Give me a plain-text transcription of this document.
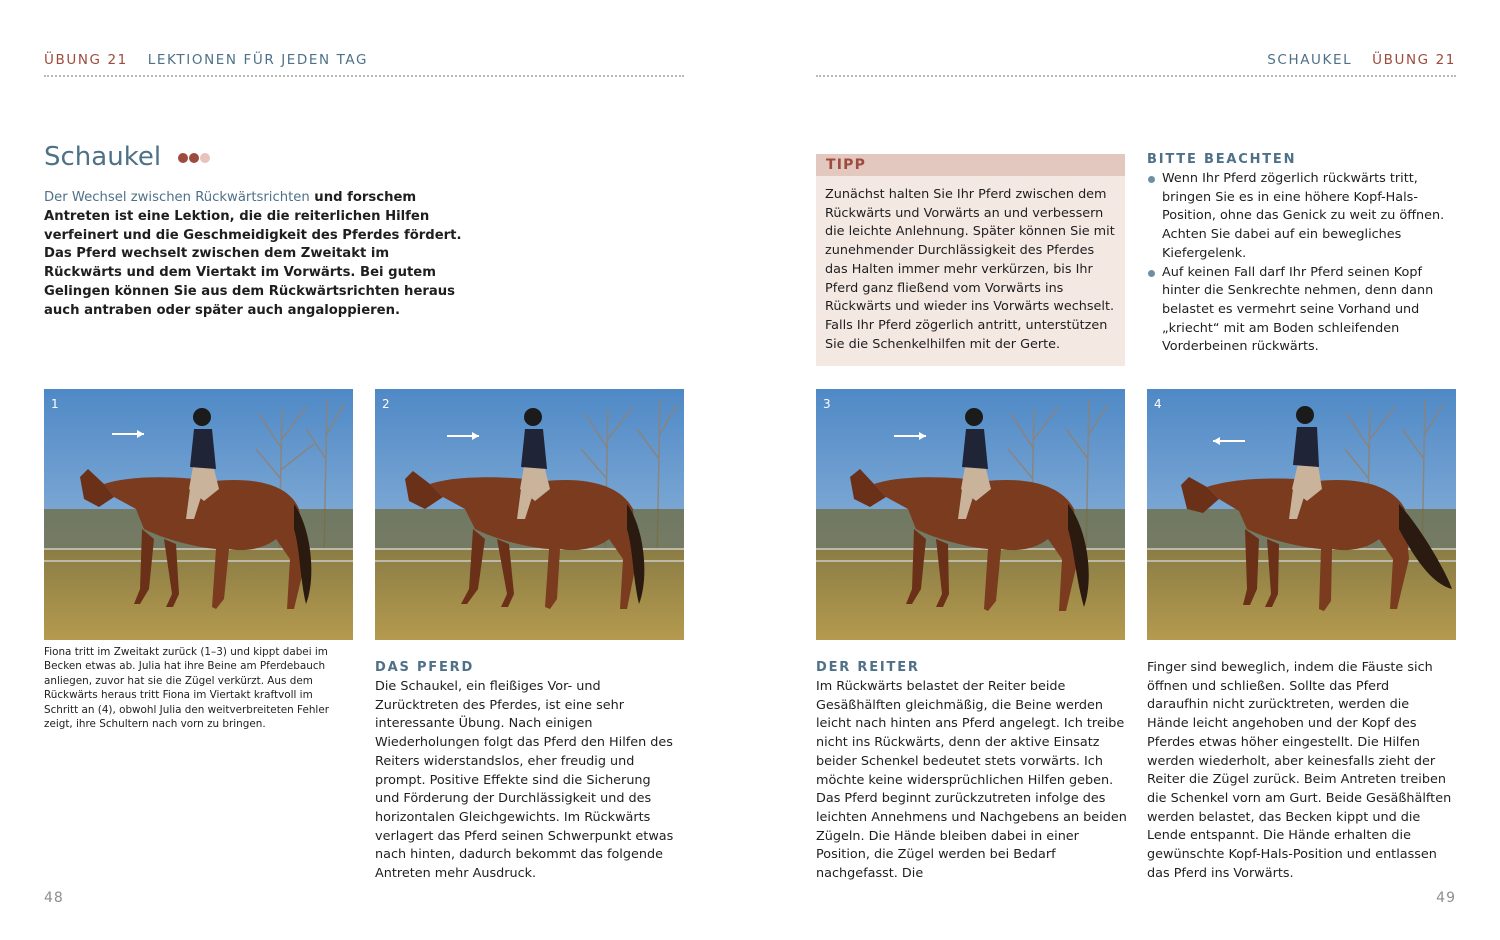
ÜBUNG 21 LEKTIONEN FÜR JEDEN TAG	SCHAUKEL ÜBUNG 21
Schaukel
Der Wechsel zwischen Rückwärtsrichten und forschem Antreten ist eine Lektion, die die reiterlichen Hilfen verfeinert und die Geschmeidigkeit des Pferdes fördert. Das Pferd wechselt zwischen dem Zweitakt im Rückwärts und dem Viertakt im Vorwärts. Bei gutem Gelingen können Sie aus dem Rückwärtsrichten heraus auch antraben oder später auch angaloppieren.
TIPP
Zunächst halten Sie Ihr Pferd zwischen dem Rückwärts und Vorwärts an und verbessern die leichte Anlehnung. Später können Sie mit zunehmender Durchlässigkeit des Pferdes das Halten immer mehr verkürzen, bis Ihr Pferd ganz fließend vom Vorwärts ins Rückwärts und wieder ins Vorwärts wechselt. Falls Ihr Pferd zögerlich antritt, unterstützen Sie die Schenkelhilfen mit der Gerte.
BITTE BEACHTEN
Wenn Ihr Pferd zögerlich rückwärts tritt, bringen Sie es in eine höhere Kopf-Hals-Position, ohne das Genick zu weit zu öffnen. Achten Sie dabei auf ein bewegliches Kiefergelenk.
Auf keinen Fall darf Ihr Pferd seinen Kopf hinter die Senkrechte nehmen, denn dann belastet es vermehrt seine Vorhand und „kriecht“ mit am Boden schleifenden Vorderbeinen rückwärts.
1	2	3	4
Fiona tritt im Zweitakt zurück (1–3) und kippt dabei im Becken etwas ab. Julia hat ihre Beine am Pferdebauch anliegen, zuvor hat sie die Zügel verkürzt. Aus dem Rückwärts heraus tritt Fiona im Viertakt kraftvoll im Schritt an (4), obwohl Julia den weitverbreiteten Fehler zeigt, ihre Schultern nach vorn zu bringen.
DAS PFERD
Die Schaukel, ein fleißiges Vor- und Zurücktreten des Pferdes, ist eine sehr interessante Übung. Nach einigen Wiederholungen folgt das Pferd den Hilfen des Reiters widerstandslos, eher freudig und prompt. Positive Effekte sind die Sicherung und Förderung der Durchlässigkeit und des horizontalen Gleichgewichts. Im Rückwärts verlagert das Pferd seinen Schwerpunkt etwas nach hinten, dadurch bekommt das folgende Antreten mehr Ausdruck.
DER REITER
Im Rückwärts belastet der Reiter beide Gesäßhälften gleichmäßig, die Beine werden leicht nach hinten ans Pferd angelegt. Ich treibe nicht ins Rückwärts, denn der aktive Einsatz beider Schenkel bedeutet stets vorwärts. Ich möchte keine widersprüchlichen Hilfen geben.
Das Pferd beginnt zurückzutreten infolge des leichten Annehmens und Nachgebens an beiden Zügeln. Die Hände bleiben dabei in einer Position, die Zügel werden bei Bedarf nachgefasst. Die
Finger sind beweglich, indem die Fäuste sich öffnen und schließen. Sollte das Pferd daraufhin nicht zurücktreten, werden die Hände leicht angehoben und der Kopf des Pferdes etwas höher eingestellt. Die Hilfen werden wiederholt, aber keinesfalls zieht der Reiter die Zügel zurück. Beim Antreten treiben die Schenkel vorn am Gurt. Beide Gesäßhälften werden belastet, das Becken kippt und die Lende entspannt. Die Hände erhalten die gewünschte Kopf-Hals-Position und entlassen das Pferd ins Vorwärts.
48	49
